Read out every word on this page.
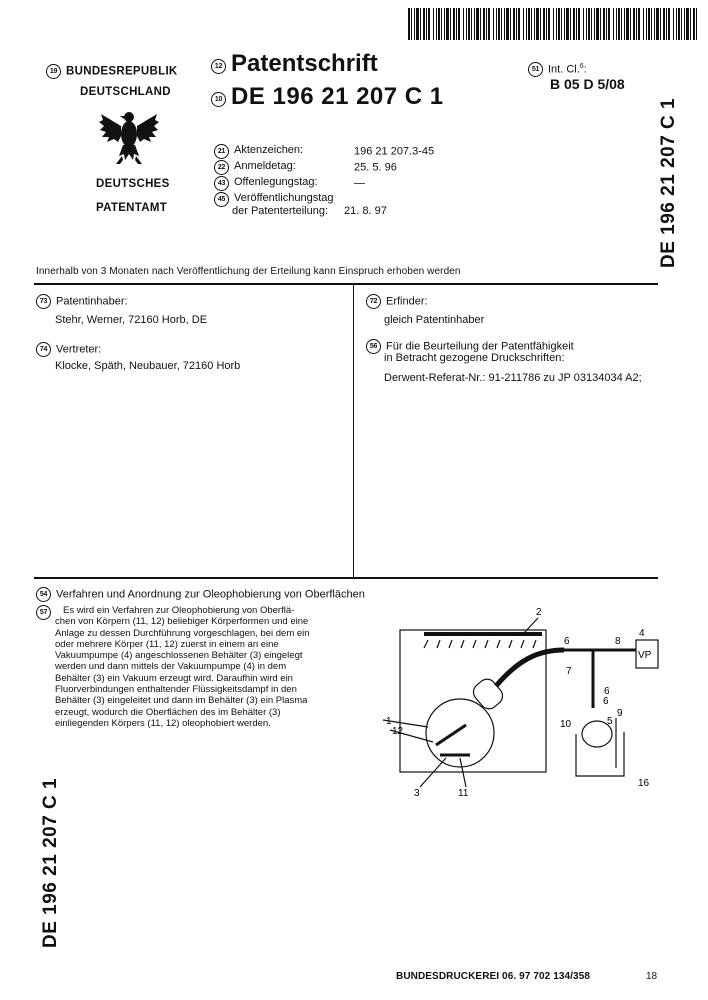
19 BUNDESREPUBLIK
DEUTSCHLAND
DEUTSCHES
PATENTAMT
12 Patentschrift
10 DE 196 21 207 C 1
51 Int. Cl.$^6$:
B 05 D 5/08
21 Aktenzeichen:	196 21 207.3-45
22 Anmeldetag:	25. 5. 96
43 Offenlegungstag:	—
45 Veröffentlichungstag
der Patenterteilung: 21. 8. 97	DE 196 21 207 C 1
Innerhalb von 3 Monaten nach Veröffentlichung der Erteilung kann Einspruch erhoben werden
73 Patentinhaber:
Stehr, Werner, 72160 Horb, DE
74 Vertreter:
Klocke, Späth, Neubauer, 72160 Horb
72 Erfinder:
gleich Patentinhaber
56 Für die Beurteilung der Patentfähigkeit
in Betracht gezogene Druckschriften:
Derwent-Referat-Nr.: 91-211786 zu JP 03134034 A2;
54 Verfahren und Anordnung zur Oleophobierung von Oberflächen
57	Es wird ein Verfahren zur Oleophobierung von Oberflä-
chen von Körpern (11, 12) beliebiger Körperformen und eine
Anlage zu dessen Durchführung vorgeschlagen, bei dem ein
oder mehrere Körper (11, 12) zuerst in einem an eine
Vakuumpumpe (4) angeschlossenen Behälter (3) eingelegt
werden und dann mittels der Vakuumpumpe (4) in dem
Behälter (3) ein Vakuum erzeugt wird. Daraufhin wird ein
Fluorverbindungen enthaltender Flüssigkeitsdampf in den
Behälter (3) eingeleitet und dann im Behälter (3) ein Plasma
erzeugt, wodurch die Oberflächen des im Behälter (3)
einliegenden Körpers (11, 12) oleophobiert werden.	1
12
2
3	11
4
VP
6
6
8
7
6
5
9
10
16
DE 196 21 207 C 1
BUNDESDRUCKEREI 06. 97 702 134/358	18
